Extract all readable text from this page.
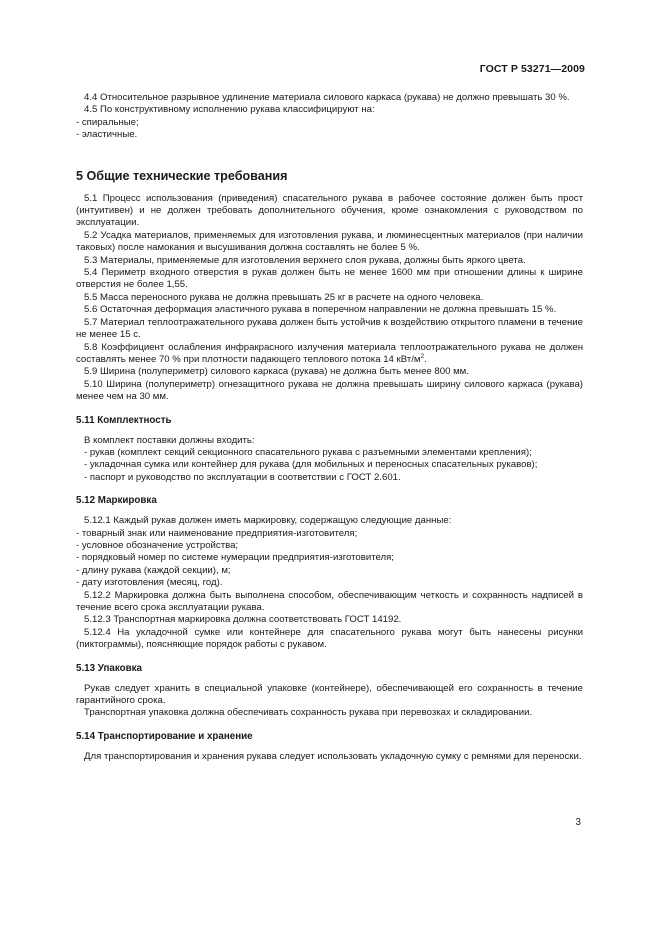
ГОСТ Р 53271—2009

4.4 Относительное разрывное удлинение материала силового каркаса (рукава) не должно превышать 30 %.

4.5 По конструктивному исполнению рукава классифицируют на:

- спиральные;

- эластичные.

5 Общие технические требования

5.1 Процесс использования (приведения) спасательного рукава в рабочее состояние должен быть прост (интуитивен) и не должен требовать дополнительного обучения, кроме ознакомления с руководством по эксплуатации.

5.2 Усадка материалов, применяемых для изготовления рукава, и люминесцентных материалов (при наличии таковых) после намокания и высушивания должна составлять не более 5 %.

5.3 Материалы, применяемые для изготовления верхнего слоя рукава, должны быть яркого цвета.

5.4 Периметр входного отверстия в рукав должен быть не менее 1600 мм при отношении длины к ширине отверстия не более 1,55.

5.5 Масса переносного рукава не должна превышать 25 кг в расчете на одного человека.

5.6 Остаточная деформация эластичного рукава в поперечном направлении не должна превышать 15 %.

5.7 Материал теплоотражательного рукава должен быть устойчив к воздействию открытого пламени в течение не менее 15 с.

5.8 Коэффициент ослабления инфракрасного излучения материала теплоотражательного рукава не должен составлять менее 70 % при плотности падающего теплового потока 14 кВт/$м^2$.

5.9 Ширина (полупериметр) силового каркаса (рукава) не должна быть менее 800 мм.

5.10 Ширина (полупериметр) огнезащитного рукава не должна превышать ширину силового каркаса (рукава) менее чем на 30 мм.

5.11 Комплектность

В комплект поставки должны входить:

- рукав (комплект секций секционного спасательного рукава с разъемными элементами крепления);

- укладочная сумка или контейнер для рукава (для мобильных и переносных спасательных рукавов);

- паспорт и руководство по эксплуатации в соответствии с ГОСТ 2.601.

5.12 Маркировка

5.12.1 Каждый рукав должен иметь маркировку, содержащую следующие данные:

- товарный знак или наименование предприятия-изготовителя;

- условное обозначение устройства;

- порядковый номер по системе нумерации предприятия-изготовителя;

- длину рукава (каждой секции), м;

- дату изготовления (месяц, год).

5.12.2 Маркировка должна быть выполнена способом, обеспечивающим четкость и сохранность надписей в течение всего срока эксплуатации рукава.

5.12.3 Транспортная маркировка должна соответствовать ГОСТ 14192.

5.12.4 На укладочной сумке или контейнере для спасательного рукава могут быть нанесены рисунки (пиктограммы), поясняющие порядок работы с рукавом.

5.13 Упаковка

Рукав следует хранить в специальной упаковке (контейнере), обеспечивающей его сохранность в течение гарантийного срока.

Транспортная упаковка должна обеспечивать сохранность рукава при перевозках и складировании.

5.14 Транспортирование и хранение

Для транспортирования и хранения рукава следует использовать укладочную сумку с ремнями для переноски.

3
